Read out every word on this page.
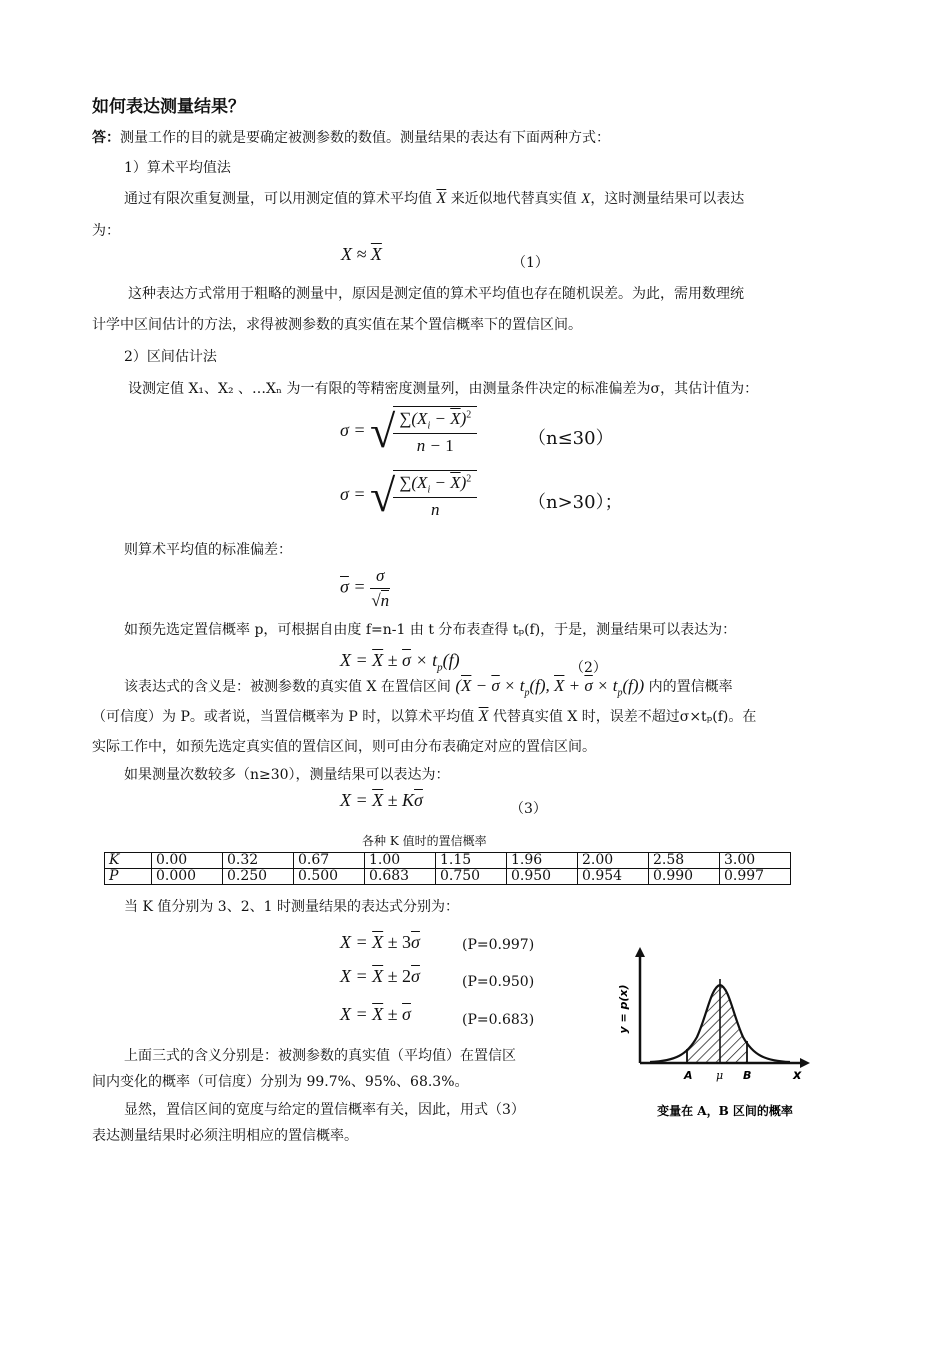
如何表达测量结果？
答：测量工作的目的就是要确定被测参数的数值。测量结果的表达有下面两种方式：
1）算术平均值法
通过有限次重复测量，可以用测定值的算术平均值 $\overline{X}$ 来近似地代替真实值 X，这时测量结果可以表达
为：
$X \approx \overline{X}$	（1）
这种表达方式常用于粗略的测量中，原因是测定值的算术平均值也存在随机误差。为此，需用数理统
计学中区间估计的方法，求得被测参数的真实值在某个置信概率下的置信区间。
2）区间估计法
设测定值 X₁、X₂ 、…Xₙ 为一有限的等精密度测量列，由测量条件决定的标准偏差为σ，其估计值为：
σ = √
$\frac{\sum(X_i - \overline{X})^2}{n - 1}$	（n≤30）
σ = √
$\frac{\sum(X_i - \overline{X})^2}{n}$	（n>30）；
则算术平均值的标准偏差：
$\overline{\sigma} = \frac{\sigma}{√n}$
如预先选定置信概率 p，可根据自由度 f=n-1 由 t 分布表查得 tₚ(f)，于是，测量结果可以表达为：
$X = \overline{X} \pm \overline{\sigma} \times t_p(f)$	（2）
该表达式的含义是：被测参数的真实值 X 在置信区间 ($\overline{X} - \overline{\sigma} \times t_p(f)$, $\overline{X} + \overline{\sigma} \times t_p(f)$) 内的置信概率
（可信度）为 P。或者说，当置信概率为 P 时，以算术平均值 $\overline{X}$ 代替真实值 X 时，误差不超过σ×tₚ(f)。在
实际工作中，如预先选定真实值的置信区间，则可由分布表确定对应的置信区间。
如果测量次数较多（n≥30），测量结果可以表达为：
$X = \overline{X} \pm K\overline{\sigma}$	（3）
各种 K 值时的置信概率
K	0.00	0.32	0.67	1.00	1.15	1.96	2.00	2.58	3.00
P	0.000	0.250	0.500	0.683	0.750	0.950	0.954	0.990	0.997
当 K 值分别为 3、2、1 时测量结果的表达式分别为：
$X = \overline{X} \pm 3\overline{\sigma}$	(P=0.997)
$X = \overline{X} \pm 2\overline{\sigma}$	(P=0.950)
$X = \overline{X} \pm \overline{\sigma}$	(P=0.683)
上面三式的含义分别是：被测参数的真实值（平均值）在置信区
间内变化的概率（可信度）分别为 99.7%、95%、68.3%。
显然，置信区间的宽度与给定的置信概率有关，因此，用式（3）
表达测量结果时必须注明相应的置信概率。
y = p(x)
A μ B	x
变量在 A，B 区间的概率
